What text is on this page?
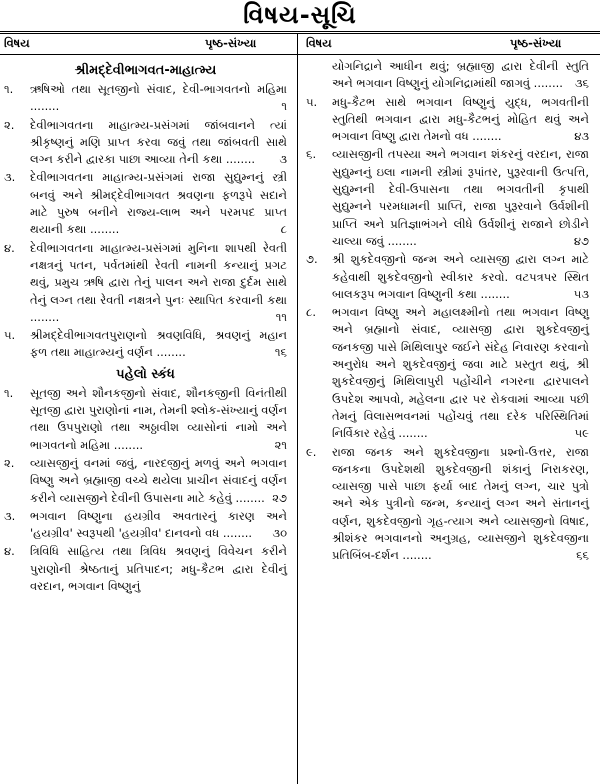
વિષય-સૂચિ
વિષય	પૃષ્ઠ-સંખ્યા	વિષય	પૃષ્ઠ-સંખ્યા
શ્રીમદ્દેવીભાગવત-માહાત્મ્ય
૧.	ઋષિઓ તથા સૂતજીનો સંવાદ, દેવી-ભાગવતનો મહિમા ........	૧
૨.	દેવીભાગવતના માહાત્મ્ય-પ્રસંગમાં જાંબવાનને ત્યાં શ્રીકૃષ્ણનું મણિ પ્રાપ્ત કરવા જવું તથા જાંબવતી સાથે લગ્ન કરીને દ્વારકા પાછા આવ્યા તેની કથા ........ ૩
૩.	દેવીભાગવતના માહાત્મ્ય-પ્રસંગમાં રાજા સુદ્યુમ્નનું સ્ત્રી બનવું અને શ્રીમદ્દેવીભાગવત શ્રવણના ફળરૂપે સદાને માટે પુરુષ બનીને રાજ્ય-લાભ અને પરમપદ પ્રાપ્ત થયાની કથા ........	૮
૪.	દેવીભાગવતના માહાત્મ્ય-પ્રસંગમાં મુનિના શાપથી રેવતી નક્ષત્રનું પતન, પર્વતમાંથી રેવતી નામની કન્યાનું પ્રગટ થવું, પ્રમુચ ઋષિ દ્વારા તેનું પાલન અને રાજા દુર્દમ સાથે તેનું લગ્ન તથા રેવતી નક્ષત્રને પુનઃ સ્થાપિત કરવાની કથા ........	૧૧
૫.	શ્રીમદ્દેવીભાગવતપુરાણનો શ્રવણવિધિ, શ્રવણનું મહાન ફળ તથા માહાત્મ્યનું વર્ણન ........	૧૬
પહેલો સ્કંધ
૧.	સૂતજી અને શૌનકજીનો સંવાદ, શૌનકજીની વિનંતીથી સૂતજી દ્વારા પુરાણોનાં નામ, તેમની શ્લોક-સંખ્યાનું વર્ણન તથા ઉપપુરાણો તથા અઠ્ઠાવીશ વ્યાસોનાં નામો અને ભાગવતનો મહિમા ........	૨૧
૨.	વ્યાસજીનું વનમાં જવું, નારદજીનું મળવું અને ભગવાન વિષ્ણુ અને બ્રહ્માજી વચ્ચે થયેલા પ્રાચીન સંવાદનું વર્ણન કરીને વ્યાસજીને દેવીની ઉપાસના માટે કહેવું ........ ૨૭
૩.	ભગવાન વિષ્ણુના હયગ્રીવ અવતારનું કારણ અને 'હયગ્રીવ' સ્વરૂપથી 'હયગ્રીવ' દાનવનો વધ ........ ૩૦
૪.	ત્રિવિધિ સાહિત્ય તથા ત્રિવિધ શ્રવણનું વિવેચન કરીને પુરાણોની શ્રેષ્ઠતાનું પ્રતિપાદન; મધુ-કૈટભ દ્વારા દેવીનું વરદાન, ભગવાન વિષ્ણુનું
યોગનિદ્રાને આધીન થવું; બ્રહ્માજી દ્વારા દેવીની સ્તુતિ અને ભગવાન વિષ્ણુનું યોગનિદ્રામાંથી જાગવું ........ ૩૬
૫.	મધુ-કૈટભ સાથે ભગવાન વિષ્ણુનું યુદ્ધ, ભગવતીની સ્તુતિથી ભગવાન દ્વારા મધુ-કૈટભનું મોહિત થવું અને ભગવાન વિષ્ણુ દ્વારા તેમનો વધ ........	૪૩
૬.	વ્યાસજીની તપસ્યા અને ભગવાન શંકરનું વરદાન, રાજા સુદ્યુમ્નનું ઇલા નામની સ્ત્રીમાં રૂપાંતર, પુરૂરવાની ઉત્પત્તિ, સુદ્યુમ્નની દેવી-ઉપાસના તથા ભગવતીની કૃપાથી સુદ્યુમ્નને પરમધામની પ્રાપ્તિ, રાજા પુરૂરવાને ઉર્વશીની પ્રાપ્તિ અને પ્રતિજ્ઞાભંગને લીધે ઉર્વશીનું રાજાને છોડીને ચાલ્યા જવું ........	૪૭
૭.	શ્રી શુકદેવજીનો જન્મ અને વ્યાસજી દ્વારા લગ્ન માટે કહેવાથી શુકદેવજીનો સ્વીકાર કરવો. વટપત્રપર સ્થિત બાલકરૂપ ભગવાન વિષ્ણુની કથા ........	૫૩
૮.	ભગવાન વિષ્ણુ અને મહાલક્ષ્મીનો તથા ભગવાન વિષ્ણુ અને બ્રહ્માનો સંવાદ, વ્યાસજી દ્વારા શુકદેવજીનું જનકજી પાસે મિથિલાપુર જઈને સંદેહ નિવારણ કરવાનો અનુરોધ અને શુકદેવજીનું જવા માટે પ્રસ્તુત થવું, શ્રી શુકદેવજીનું મિથિલાપુરી પહોંચીને નગરના દ્વારપાલને ઉપદેશ આપવો, મહેલના દ્વાર પર રોકવામાં આવ્યા પછી તેમનું વિલાસભવનમાં પહોંચવું તથા દરેક પરિસ્થિતિમાં નિર્વિકાર રહેવું ........	૫૯
૯.	રાજા જનક અને શુકદેવજીના પ્રશ્નો-ઉત્તર, રાજા જનકના ઉપદેશથી શુકદેવજીની શંકાનું નિરાકરણ, વ્યાસજી પાસે પાછા ફર્યા બાદ તેમનું લગ્ન, ચાર પુત્રો અને એક પુત્રીનો જન્મ, કન્યાનું લગ્ન અને સંતાનનું વર્ણન, શુકદેવજીનો ગૃહ-ત્યાગ અને વ્યાસજીનો વિષાદ, શ્રીશંકર ભગવાનનો અનુગ્રહ, વ્યાસજીને શુકદેવજીના પ્રતિબિંબ-દર્શન ........	૬૬
